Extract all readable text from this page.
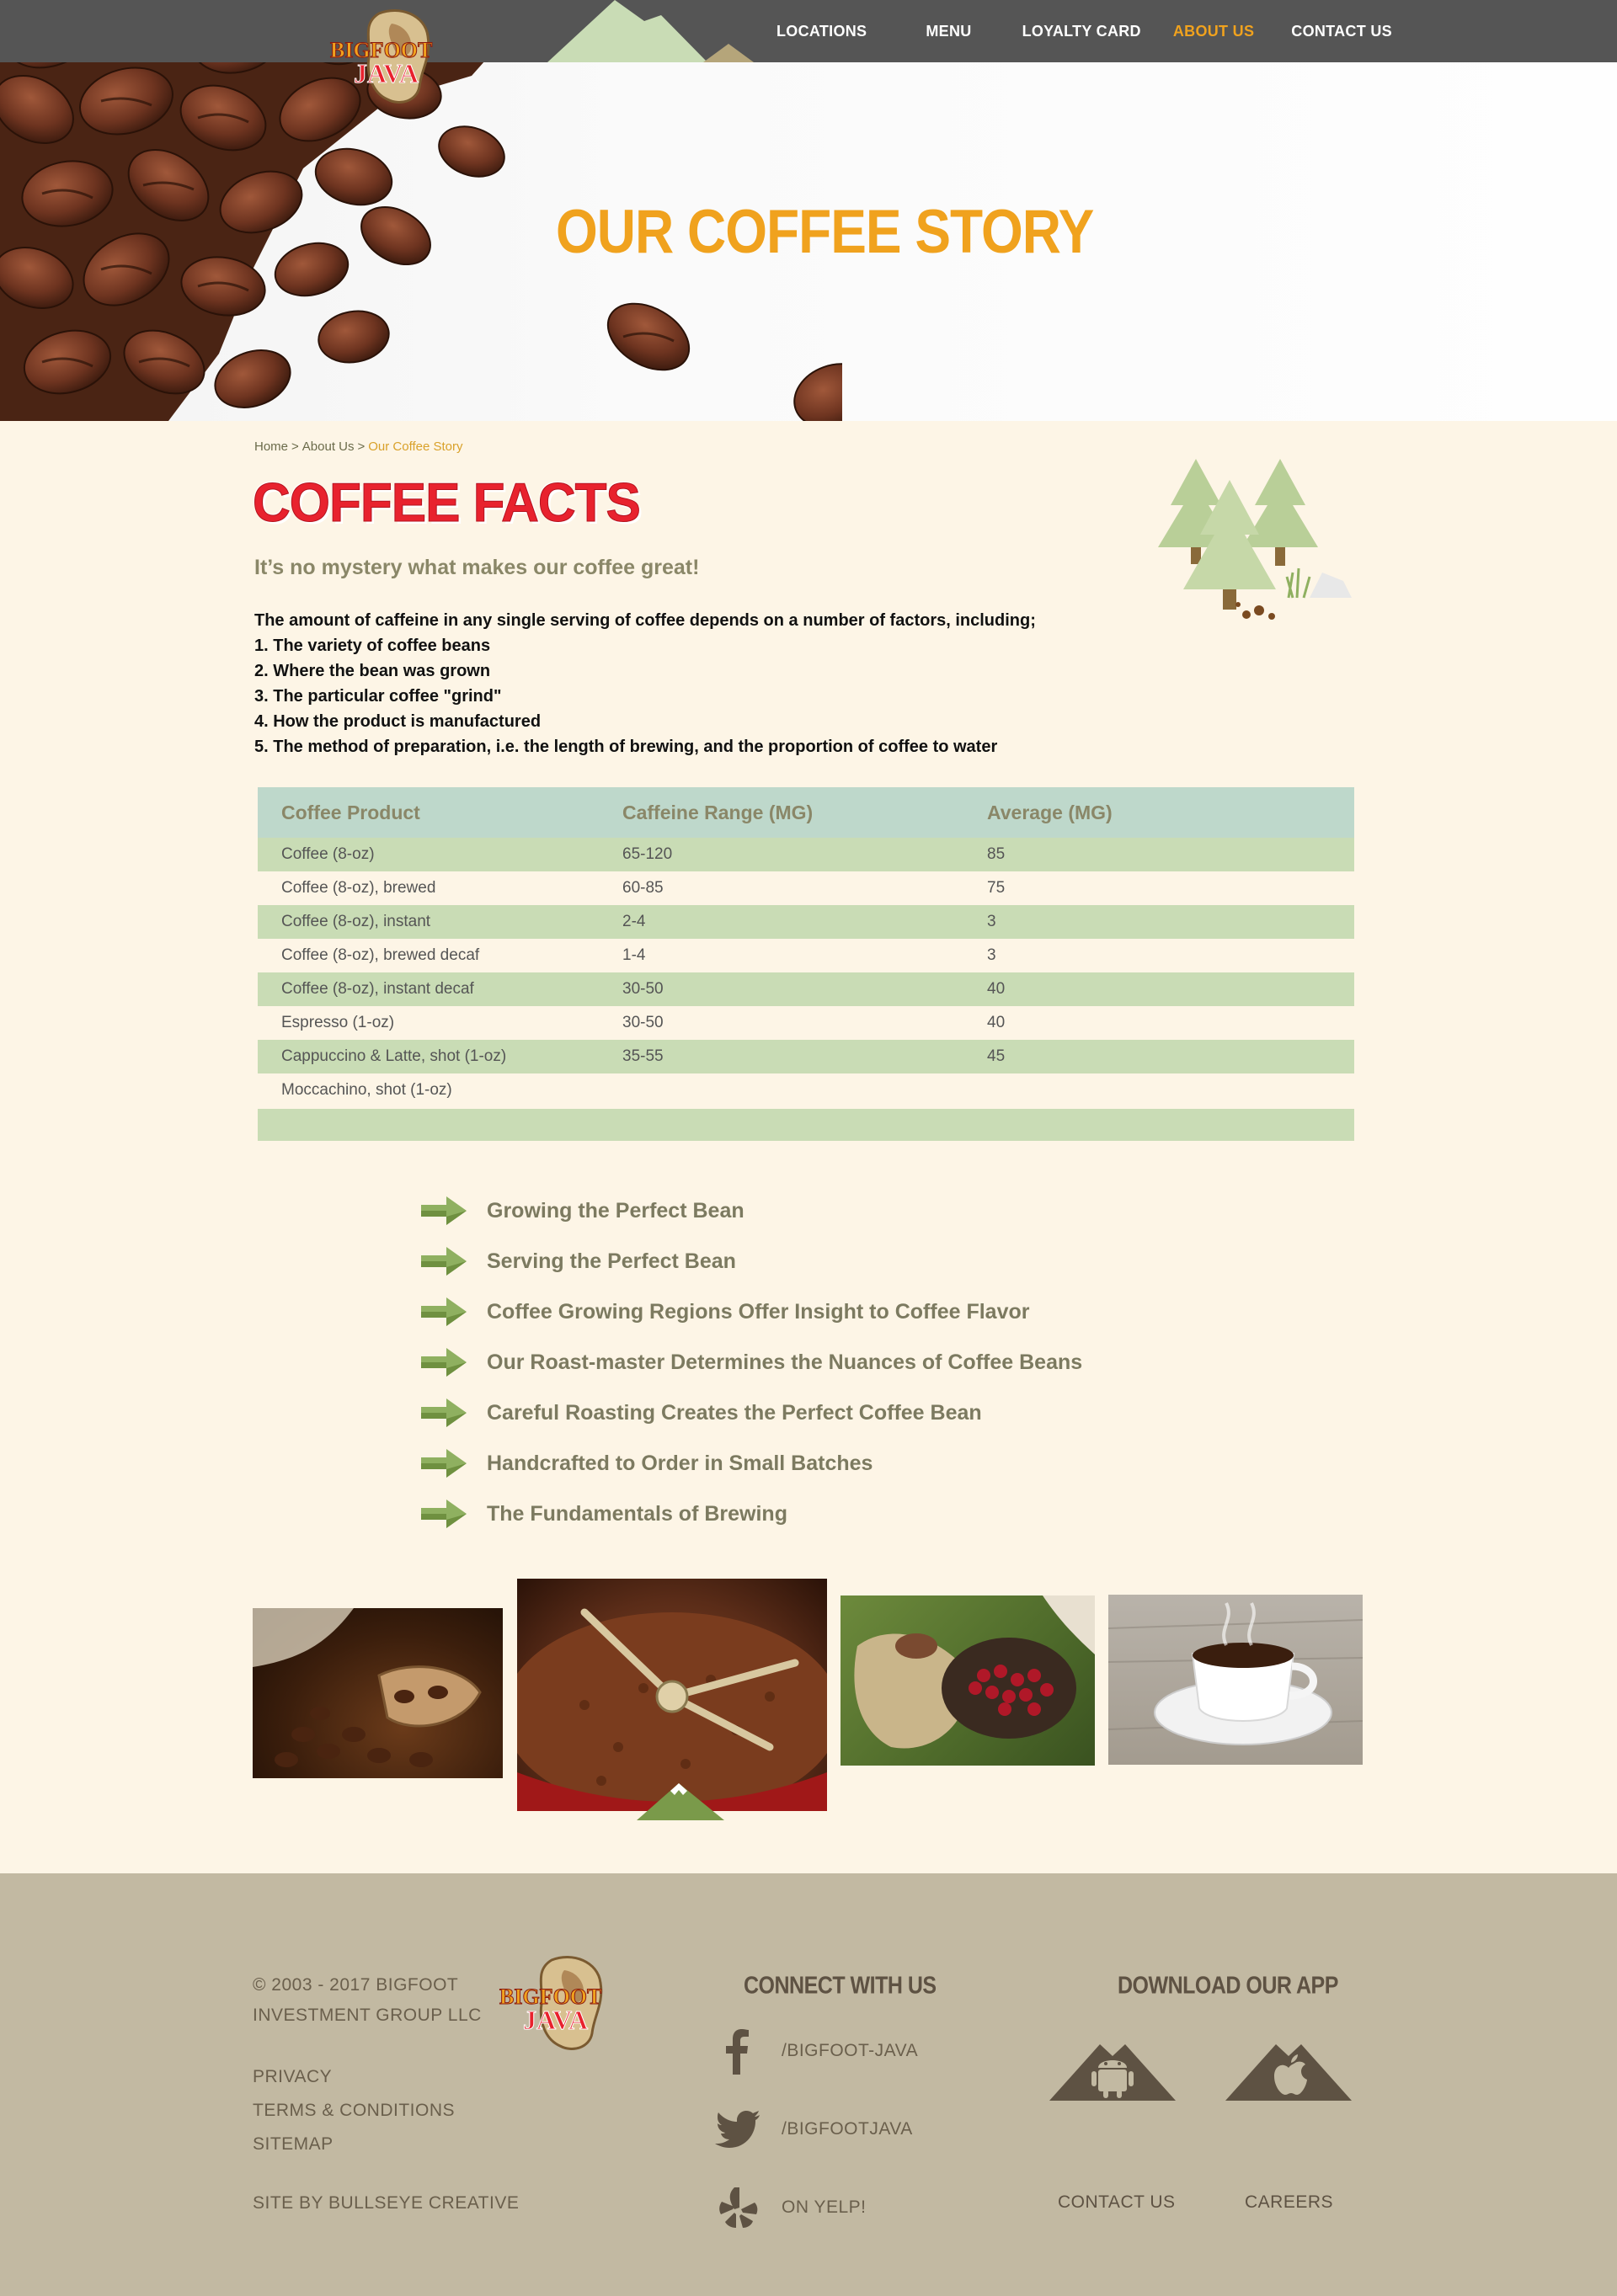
OUR COFFEE STORY
LOCATIONS	MENU	LOYALTY CARD ABOUT US CONTACT US
BIGFOOT
JAVA
Home > About Us > Our Coffee Story
COFFEE FACTS
It’s no mystery what makes our coffee great!
The amount of caffeine in any single serving of coffee depends on a number of factors, including;
1. The variety of coffee beans
2. Where the bean was grown
3. The particular coffee "grind"
4. How the product is manufactured
5. The method of preparation, i.e. the length of brewing, and the proportion of coffee to water
Coffee Product	Caffeine Range (MG)	Average (MG)
Coffee (8-oz)	65-120	85
Coffee (8-oz), brewed	60-85	75
Coffee (8-oz), instant	2-4	3
Coffee (8-oz), brewed decaf	1-4	3
Coffee (8-oz), instant decaf	30-50	40
Espresso (1-oz)	30-50	40
Cappuccino & Latte, shot (1-oz)	35-55	45
Moccachino, shot (1-oz)
Growing the Perfect Bean
Serving the Perfect Bean
Coffee Growing Regions Offer Insight to Coffee Flavor
Our Roast-master Determines the Nuances of Coffee Beans
Careful Roasting Creates the Perfect Coffee Bean
Handcrafted to Order in Small Batches
The Fundamentals of Brewing
© 2003 - 2017 BIGFOOT
INVESTMENT GROUP LLC
BIGFOOT
JAVA
PRIVACY
TERMS & CONDITIONS
SITEMAP
SITE BY BULLSEYE CREATIVE
CONNECT WITH US	DOWNLOAD OUR APP
/BIGFOOT-JAVA
/BIGFOOTJAVA
ON YELP!	CONTACT US	CAREERS
